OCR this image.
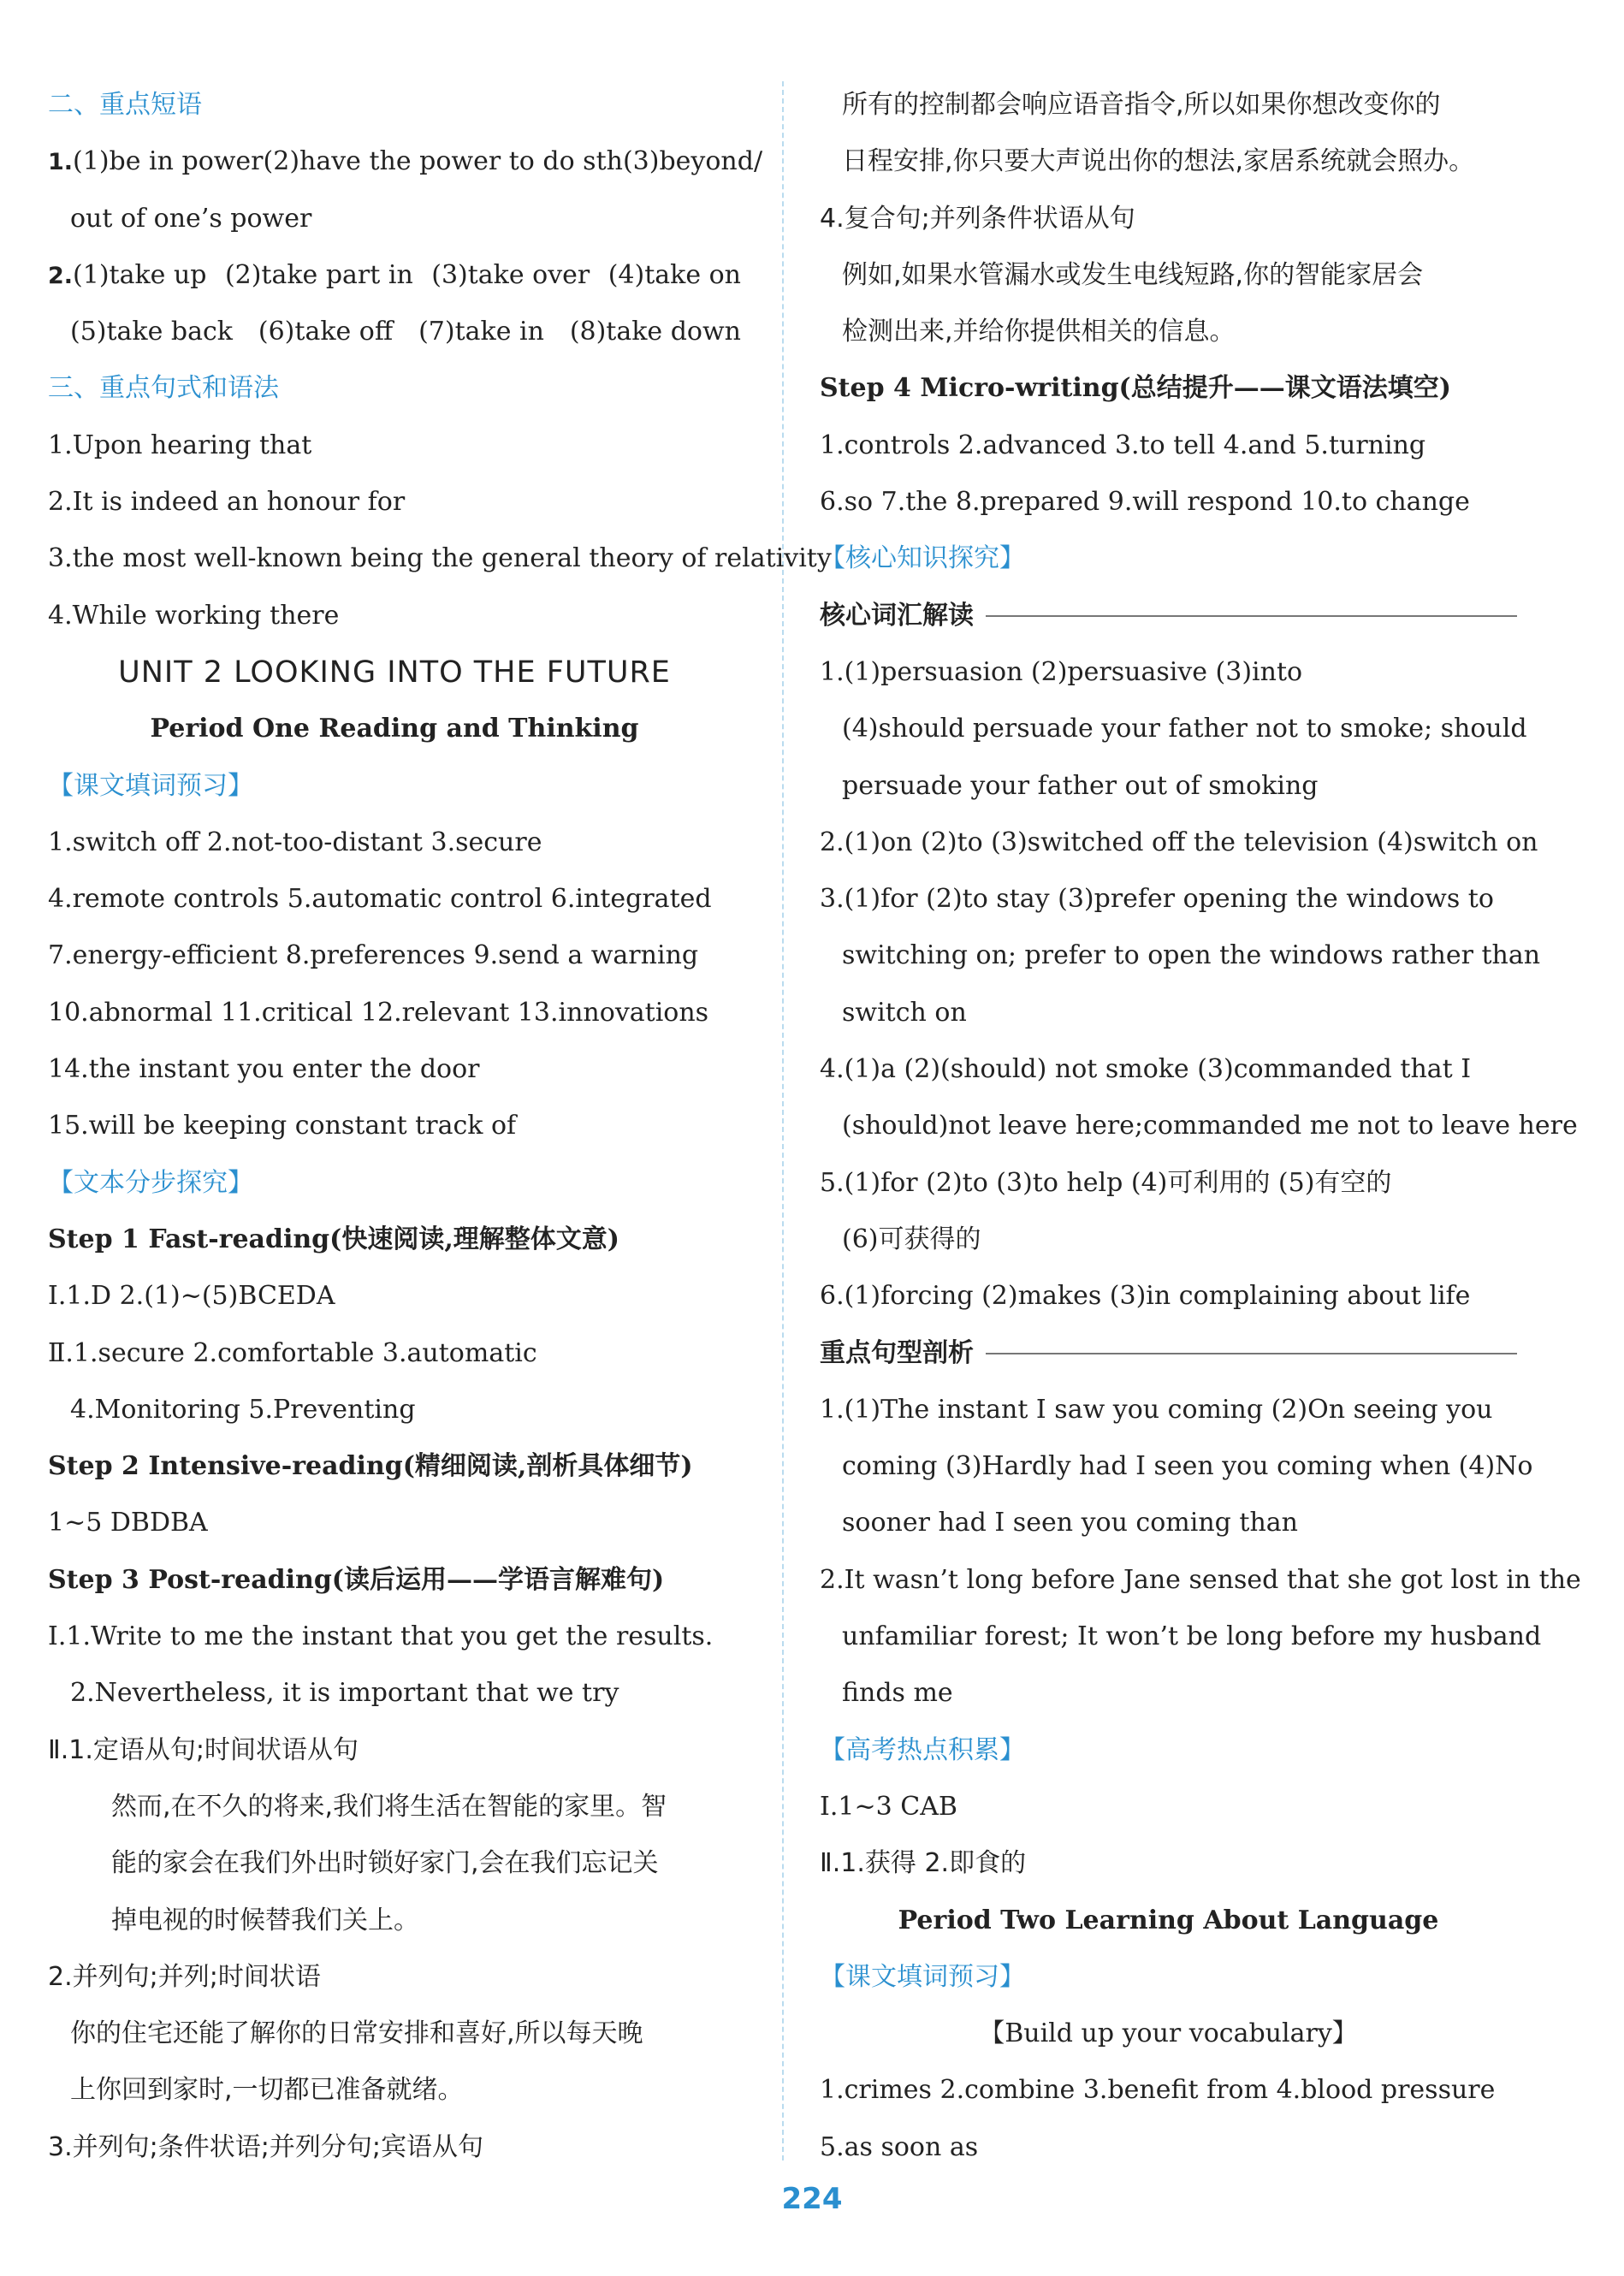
二、重点短语
1.(1)be in power (2)have the power to do sth (3)beyond/
out of one’s power
2.(1)take up (2)take part in (3)take over (4)take on
(5)take back (6)take off (7)take in (8)take down
三、重点句式和语法
1.Upon hearing that
2.It is indeed an honour for
3.the most well-known being the general theory of relativity
4.While working there
UNIT 2 LOOKING INTO THE FUTURE
Period One Reading and Thinking
【课文填词预习】
1.switch off 2.not-too-distant 3.secure
4.remote controls 5.automatic control 6.integrated
7.energy-efficient 8.preferences 9.send a warning
10.abnormal 11.critical 12.relevant 13.innovations
14.the instant you enter the door
15.will be keeping constant track of
【文本分步探究】
Step 1 Fast-reading(快速阅读,理解整体文意)
Ⅰ.1.D 2.(1)~(5)BCEDA
Ⅱ.1.secure 2.comfortable 3.automatic
4.Monitoring 5.Preventing
Step 2 Intensive-reading(精细阅读,剖析具体细节)
1~5 DBDBA
Step 3 Post-reading(读后运用——学语言解难句)
Ⅰ.1.Write to me the instant that you get the results.
2.Nevertheless, it is important that we try
Ⅱ.1.定语从句;时间状语从句
然而,在不久的将来,我们将生活在智能的家里。智
能的家会在我们外出时锁好家门,会在我们忘记关
掉电视的时候替我们关上。
2.并列句;并列;时间状语
你的住宅还能了解你的日常安排和喜好,所以每天晚
上你回到家时,一切都已准备就绪。
3.并列句;条件状语;并列分句;宾语从句
所有的控制都会响应语音指令,所以如果你想改变你的
日程安排,你只要大声说出你的想法,家居系统就会照办。
4.复合句;并列条件状语从句
例如,如果水管漏水或发生电线短路,你的智能家居会
检测出来,并给你提供相关的信息。
Step 4 Micro-writing(总结提升——课文语法填空)
1.controls 2.advanced 3.to tell 4.and 5.turning
6.so 7.the 8.prepared 9.will respond 10.to change
【核心知识探究】
核心词汇解读
1.(1)persuasion (2)persuasive (3)into
(4)should persuade your father not to smoke; should
persuade your father out of smoking
2.(1)on (2)to (3)switched off the television (4)switch on
3.(1)for (2)to stay (3)prefer opening the windows to
switching on; prefer to open the windows rather than
switch on
4.(1)a (2)(should) not smoke (3)commanded that I
(should)not leave here;commanded me not to leave here
5.(1)for (2)to (3)to help (4)可利用的 (5)有空的
(6)可获得的
6.(1)forcing (2)makes (3)in complaining about life
重点句型剖析
1.(1)The instant I saw you coming (2)On seeing you
coming (3)Hardly had I seen you coming when (4)No
sooner had I seen you coming than
2.It wasn’t long before Jane sensed that she got lost in the
unfamiliar forest; It won’t be long before my husband
finds me
【高考热点积累】
Ⅰ.1~3 CAB
Ⅱ.1.获得 2.即食的
Period Two Learning About Language
【课文填词预习】
【Build up your vocabulary】
1.crimes 2.combine 3.benefit from 4.blood pressure
5.as soon as
224
